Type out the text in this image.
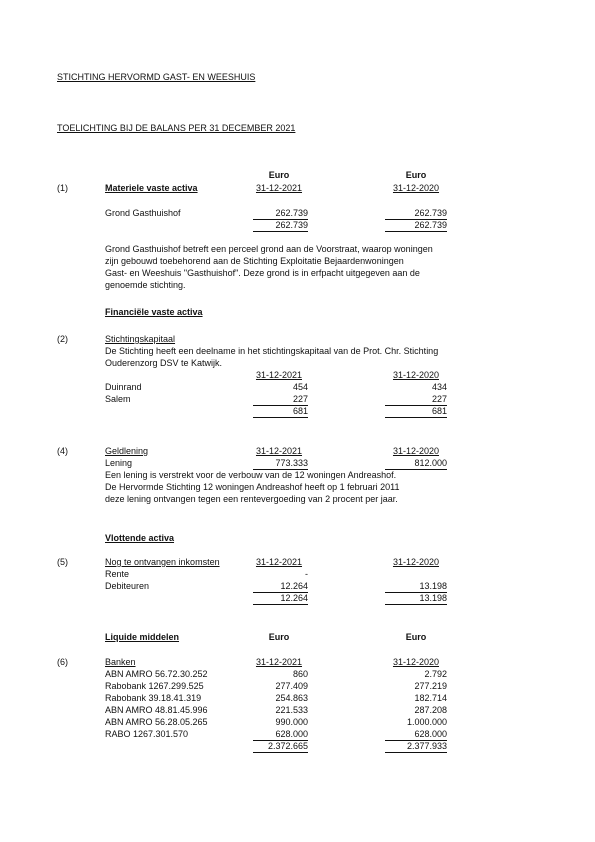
STICHTING HERVORMD GAST- EN WEESHUIS
TOELICHTING BIJ DE BALANS PER 31 DECEMBER 2021
Euro	Euro
(1)	Materiele vaste activa	31-12-2021	31-12-2020
Grond Gasthuishof	262.739	262.739
262.739	262.739
Grond Gasthuishof betreft een perceel grond aan de Voorstraat, waarop woningen
zijn gebouwd toebehorend aan de Stichting Exploitatie Bejaardenwoningen
Gast- en Weeshuis "Gasthuishof". Deze grond is in erfpacht uitgegeven aan de
genoemde stichting.
Financiële vaste activa
(2)	Stichtingskapitaal
De Stichting heeft een deelname in het stichtingskapitaal van de Prot. Chr. Stichting
Ouderenzorg DSV te Katwijk.
31-12-2021	31-12-2020
Duinrand	454	434
Salem	227	227
681	681
(4)	Geldlening	31-12-2021	31-12-2020
Lening	773.333	812.000
Een lening is verstrekt voor de verbouw van de 12 woningen Andreashof.
De Hervormde Stichting 12 woningen Andreashof heeft op 1 februari 2011
deze lening ontvangen tegen een rentevergoeding van 2 procent per jaar.
Vlottende activa
(5)	Nog te ontvangen inkomsten	31-12-2021	31-12-2020
Rente	-
Debiteuren	12.264	13.198
12.264	13.198
Liquide middelen	Euro	Euro
(6)	Banken	31-12-2021	31-12-2020
ABN AMRO 56.72.30.252	860	2.792
Rabobank 1267.299.525	277.409	277.219
Rabobank 39.18.41.319	254.863	182.714
ABN AMRO 48.81.45.996	221.533	287.208
ABN AMRO 56.28.05.265	990.000	1.000.000
RABO 1267.301.570	628.000	628.000
2.372.665	2.377.933
